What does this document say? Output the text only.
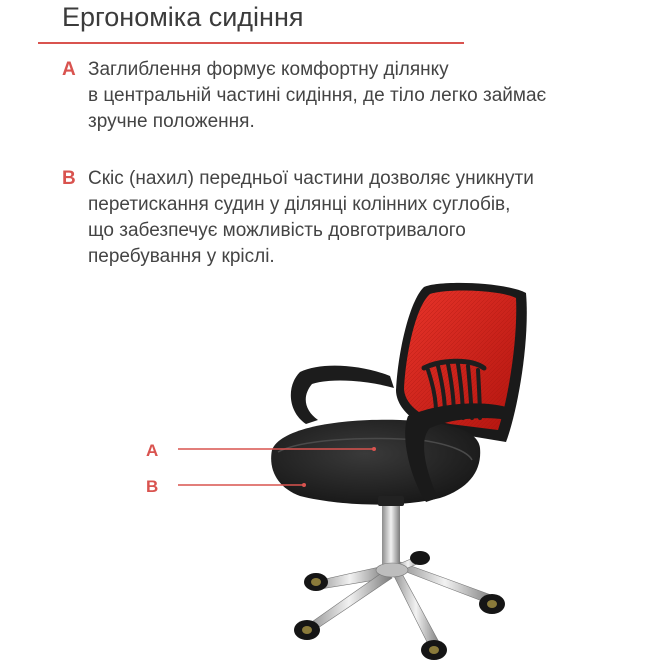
Ергономіка сидіння
A Заглиблення формує комфортну ділянку
в центральній частині сидіння, де тіло легко займає
зручне положення.
B Скіс (нахил) передньої частини дозволяє уникнути
перетискання судин у ділянці колінних суглобів,
що забезпечує можливість довготривалого
перебування у кріслі.
A
B
